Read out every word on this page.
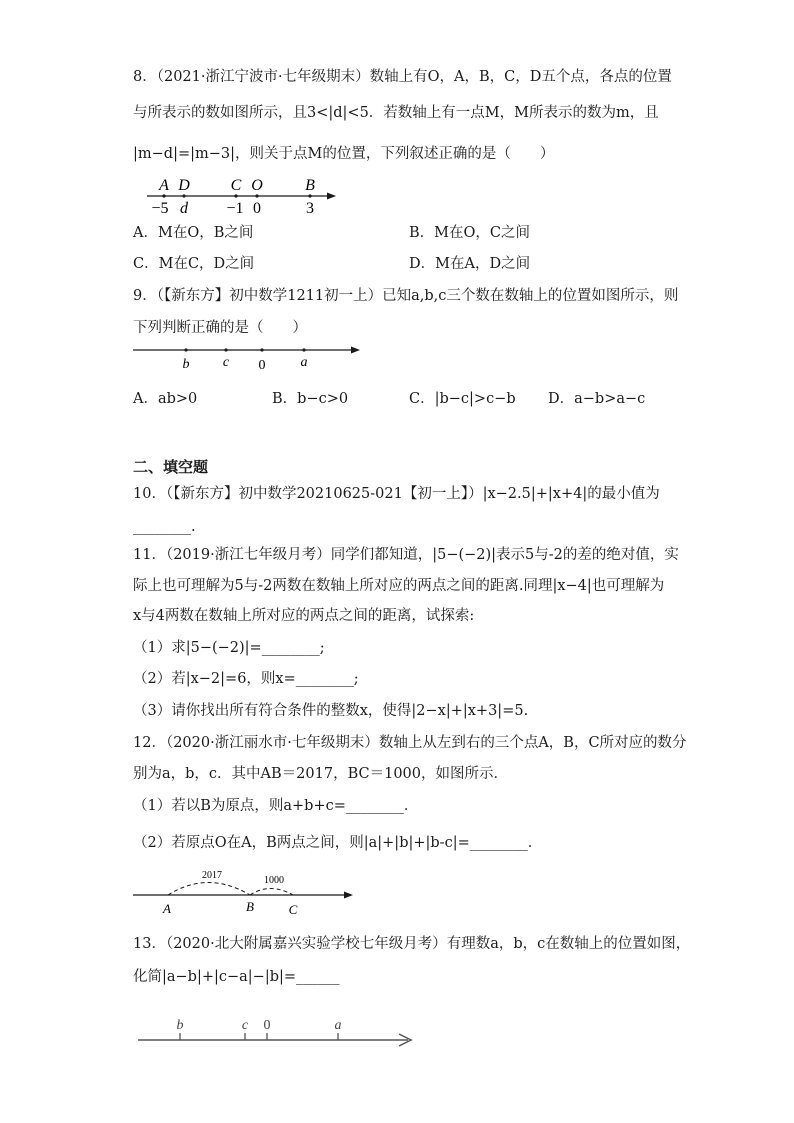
8．（2021·浙江宁波市·七年级期末）数轴上有O，A，B，C，D五个点，各点的位置
与所表示的数如图所示，且3<|d|<5．若数轴上有一点M，M所表示的数为m，且
|m−d|=|m−3|，则关于点M的位置，下列叙述正确的是（　　）
A D	C O	B
−5 d −1 0	3
A．M在O，B之间	B．M在O，C之间
C．M在C，D之间	D．M在A，D之间
9．（【新东方】初中数学1211初一上）已知a,b,c三个数在数轴上的位置如图所示，则
下列判断正确的是（　　）
b c 0	a
A．ab>0	B．b−c>0	C．|b−c|>c−b D．a−b>a−c
二、填空题
10．（【新东方】初中数学20210625-021【初一上】）|x−2.5|+|x+4|的最小值为
________.
11．（2019·浙江七年级月考）同学们都知道，|5−(−2)|表示5与-2的差的绝对值，实
际上也可理解为5与-2两数在数轴上所对应的两点之间的距离.同理|x−4|也可理解为
x与4两数在数轴上所对应的两点之间的距离，试探索:
（1）求|5−(−2)|=________;
（2）若|x−2|=6，则x=________;
（3）请你找出所有符合条件的整数x，使得|2−x|+|x+3|=5.
12．（2020·浙江丽水市·七年级期末）数轴上从左到右的三个点A，B，C所对应的数分
别为a，b，c．其中AB＝2017，BC＝1000，如图所示．
（1）若以B为原点，则a+b+c=________．
（2）若原点O在A，B两点之间，则|a|+|b|+|b-c|=________．
2017	1000
A	B	C
13．（2020·北大附属嘉兴实验学校七年级月考）有理数a，b，c在数轴上的位置如图，
化简|a−b|+|c−a|−|b|=______
b	c 0	a
